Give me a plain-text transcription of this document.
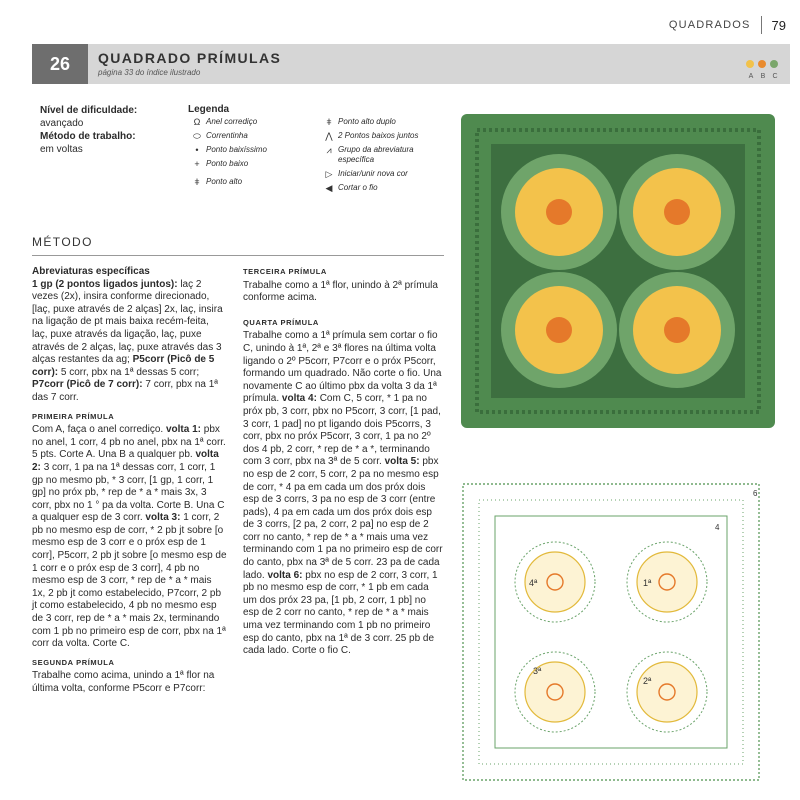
QUADRADOS 79
26	QUADRADO PRÍMULAS
página 33 do índice ilustrado	A B C
Nível de dificuldade:
avançado
Método de trabalho:
em voltas
Legenda
Ω Anel corrediço
⬭ Correntinha
• Ponto baixíssimo
+ Ponto baixo
ǂ Ponto alto
ǂ Ponto alto duplo
⋀ 2 Pontos baixos juntos
⩘ Grupo da abreviatura específica
▷ Iniciar/unir nova cor
◀ Cortar o fio
MÉTODO
Abreviaturas específicas

1 gp (2 pontos ligados juntos): laç 2 vezes (2x), insira conforme direcionado, [laç, puxe através de 2 alças] 2x, laç, insira na ligação de pt mais baixa recém-feita, laç, puxe através da ligação, laç, puxe através de 2 alças, laç, puxe através das 3 alças restantes da ag; P5corr (Picô de 5 corr): 5 corr, pbx na 1ª dessas 5 corr; P7corr (Picô de 7 corr): 7 corr, pbx na 1ª das 7 corr.

PRIMEIRA PRÍMULA

Com A, faça o anel corrediço. volta 1: pbx no anel, 1 corr, 4 pb no anel, pbx na 1ª corr. 5 pts. Corte A. Una B a qualquer pb. volta 2: 3 corr, 1 pa na 1ª dessas corr, 1 corr, 1 gp no mesmo pb, * 3 corr, [1 gp, 1 corr, 1 gp] no próx pb, * rep de * a * mais 3x, 3 corr, pbx no 1 ° pa da volta. Corte B. Una C a qualquer esp de 3 corr. volta 3: 1 corr, 2 pb no mesmo esp de corr, * 2 pb jt sobre [o mesmo esp de 3 corr e o próx esp de 1 corr], P5corr, 2 pb jt sobre [o mesmo esp de 1 corr e o próx esp de 3 corr], 4 pb no mesmo esp de 3 corr, * rep de * a * mais 1x, 2 pb jt como estabelecido, P7corr, 2 pb jt como estabelecido, 4 pb no mesmo esp de 3 corr, rep de * a * mais 2x, terminando com 1 pb no primeiro esp de corr, pbx na 1ª corr da volta. Corte C.

SEGUNDA PRÍMULA

Trabalhe como acima, unindo a 1ª flor na última volta, conforme P5corr e P7corr:

TERCEIRA PRÍMULA

Trabalhe como a 1ª flor, unindo à 2ª prímula conforme acima.

QUARTA PRÍMULA

Trabalhe como a 1ª prímula sem cortar o fio C, unindo à 1ª, 2ª e 3ª flores na última volta ligando o 2º P5corr, P7corr e o próx P5corr, formando um quadrado. Não corte o fio. Una novamente C ao último pbx da volta 3 da 1ª prímula. volta 4: Com C, 5 corr, * 1 pa no próx pb, 3 corr, pbx no P5corr, 3 corr, [1 pad, 3 corr, 1 pad] no pt ligando dois P5corrs, 3 corr, pbx no próx P5corr, 3 corr, 1 pa no 2º dos 4 pb, 2 corr, * rep de * a *, terminando com 3 corr, pbx na 3ª de 5 corr. volta 5: pbx no esp de 2 corr, 5 corr, 2 pa no mesmo esp de corr, * 4 pa em cada um dos próx dois esp de 3 corrs, 3 pa no esp de 3 corr (entre pads), 4 pa em cada um dos próx dois esp de 3 corrs, [2 pa, 2 corr, 2 pa] no esp de 2 corr no canto, * rep de * a * mais uma vez terminando com 1 pa no primeiro esp de corr do canto, pbx na 3ª de 5 corr. 23 pa de cada lado. volta 6: pbx no esp de 2 corr, 3 corr, 1 pb no mesmo esp de corr, * 1 pb em cada um dos próx 23 pa, [1 pb, 2 corr, 1 pb] no esp de 2 corr no canto, * rep de * a * mais uma vez terminando com 1 pb no primeiro esp do canto, pbx na 1ª de 3 corr. 25 pb de cada lado. Corte o fio C.

4ª	1ª
3ª
2ª
6
4
